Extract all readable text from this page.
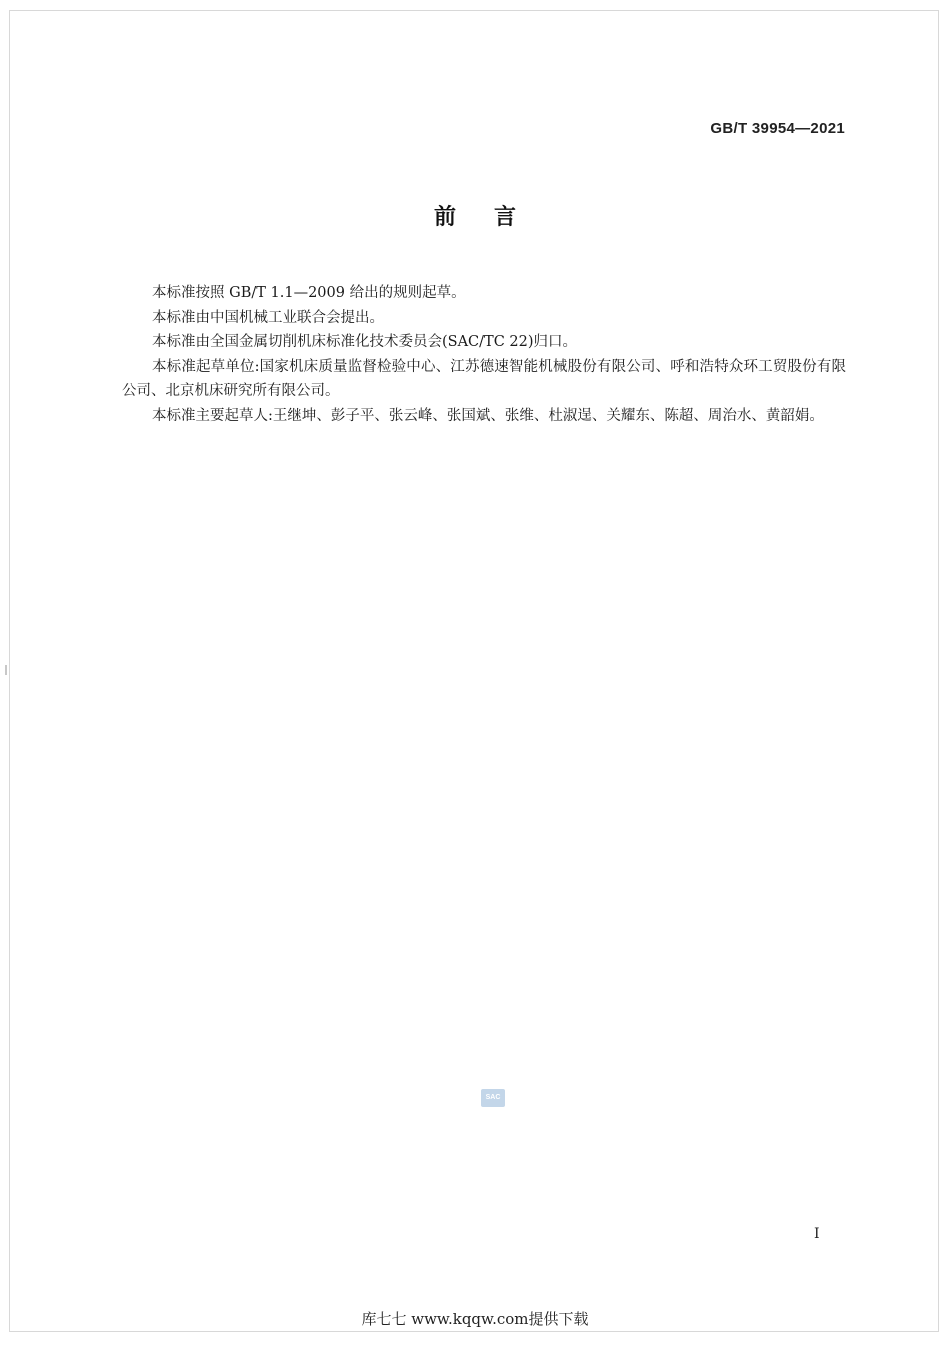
GB/T 39954—2021
前言

本标准按照 GB/T 1.1—2009 给出的规则起草。

本标准由中国机械工业联合会提出。

本标准由全国金属切削机床标准化技术委员会(SAC/TC 22)归口。

本标准起草单位:国家机床质量监督检验中心、江苏德速智能机械股份有限公司、呼和浩特众环工贸股份有限公司、北京机床研究所有限公司。

本标准主要起草人:王继坤、彭子平、张云峰、张国斌、张维、杜淑逞、关耀东、陈超、周治水、黄韶娟。

SAC
I
库七七 www.kqqw.com提供下载
